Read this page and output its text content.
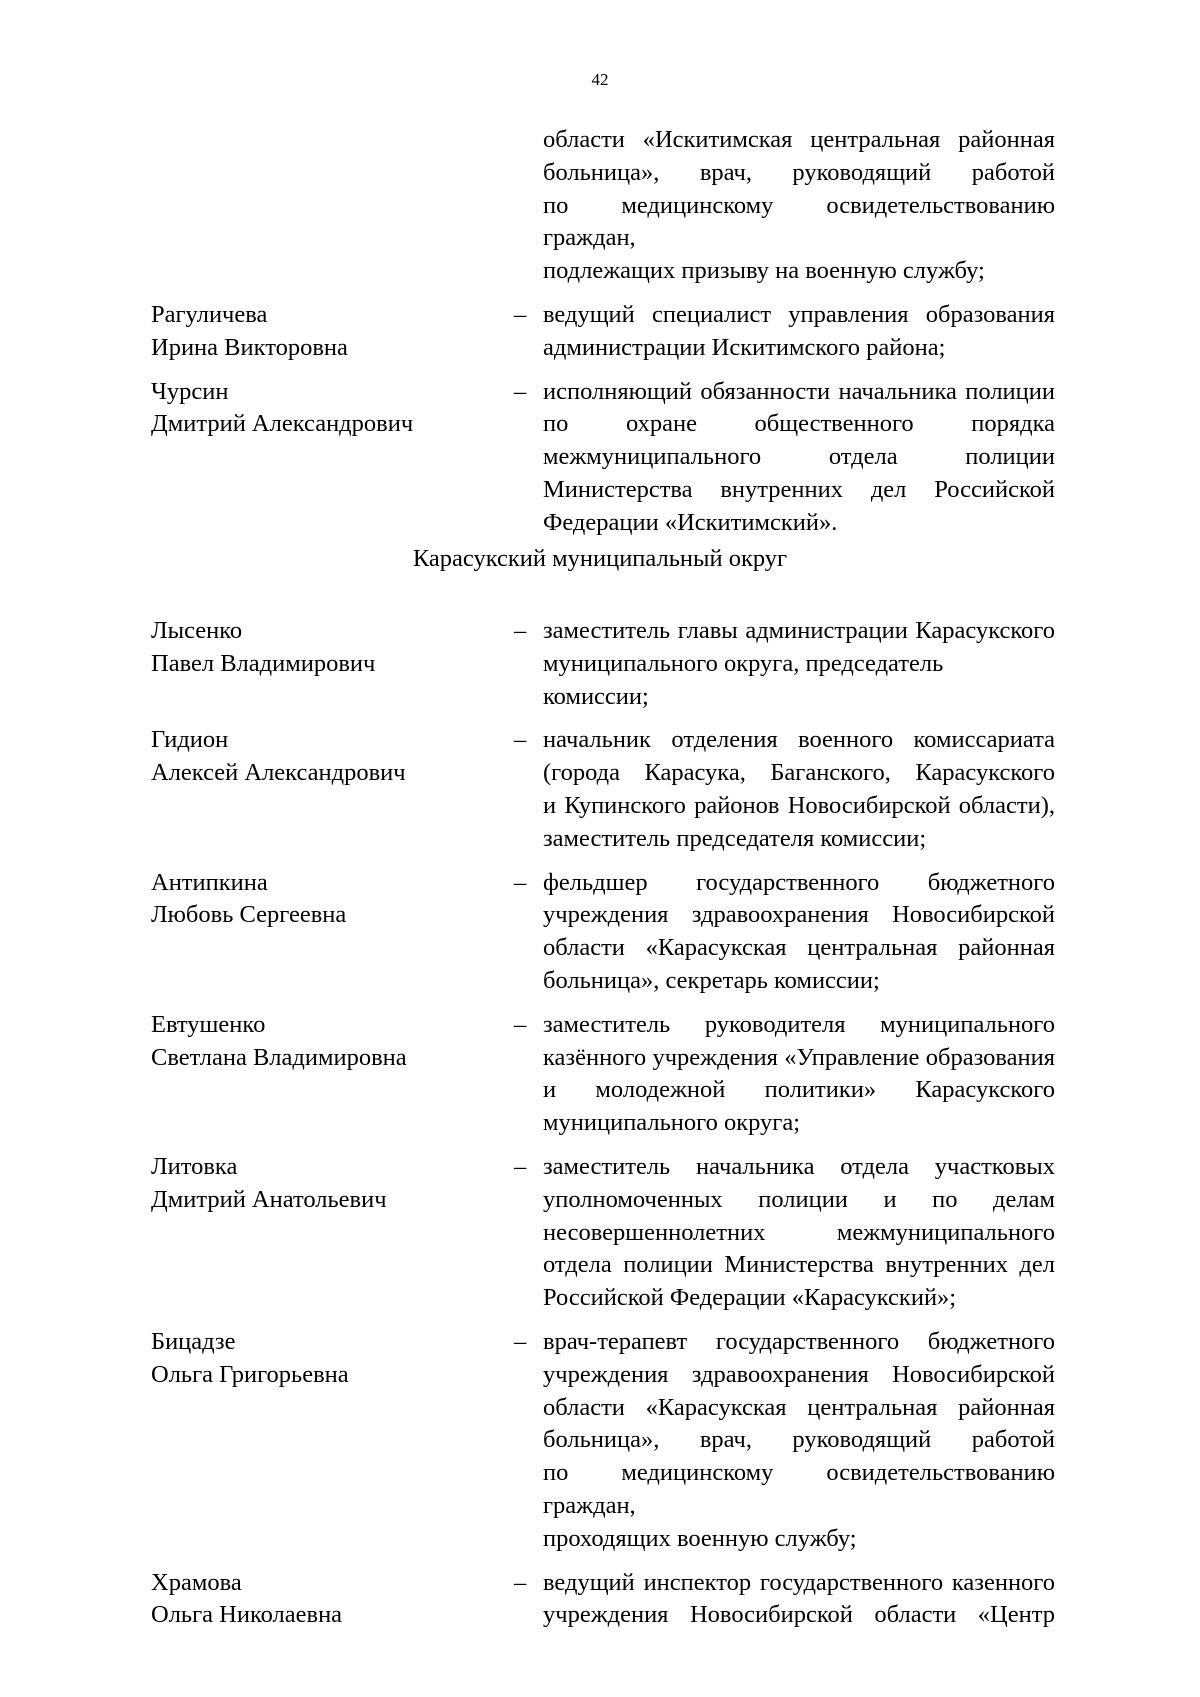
42
области «Искитимская центральная районная
больница», врач, руководящий работой
по медицинскому освидетельствованию граждан,
подлежащих призыву на военную службу;
Рагуличева
Ирина Викторовна
– ведущий специалист управления образования
администрации Искитимского района;
Чурсин
Дмитрий Александрович
– исполняющий обязанности начальника полиции
по охране общественного порядка
межмуниципального отдела полиции
Министерства внутренних дел Российской
Федерации «Искитимский».
Карасукский муниципальный округ
Лысенко
Павел Владимирович
– заместитель главы администрации Карасукского
муниципального округа, председатель комиссии;
Гидион
Алексей Александрович
– начальник отделения военного комиссариата
(города Карасука, Баганского, Карасукского
и Купинского районов Новосибирской области),
заместитель председателя комиссии;
Антипкина
Любовь Сергеевна
– фельдшер государственного бюджетного
учреждения здравоохранения Новосибирской
области «Карасукская центральная районная
больница», секретарь комиссии;
Евтушенко
Светлана Владимировна
– заместитель руководителя муниципального
казённого учреждения «Управление образования
и молодежной политики» Карасукского
муниципального округа;
Литовка
Дмитрий Анатольевич
– заместитель начальника отдела участковых
уполномоченных полиции и по делам
несовершеннолетних межмуниципального
отдела полиции Министерства внутренних дел
Российской Федерации «Карасукский»;
Бицадзе
Ольга Григорьевна
– врач-терапевт государственного бюджетного
учреждения здравоохранения Новосибирской
области «Карасукская центральная районная
больница», врач, руководящий работой
по медицинскому освидетельствованию граждан,
проходящих военную службу;
Храмова
Ольга Николаевна
– ведущий инспектор государственного казенного
учреждения Новосибирской области «Центр
